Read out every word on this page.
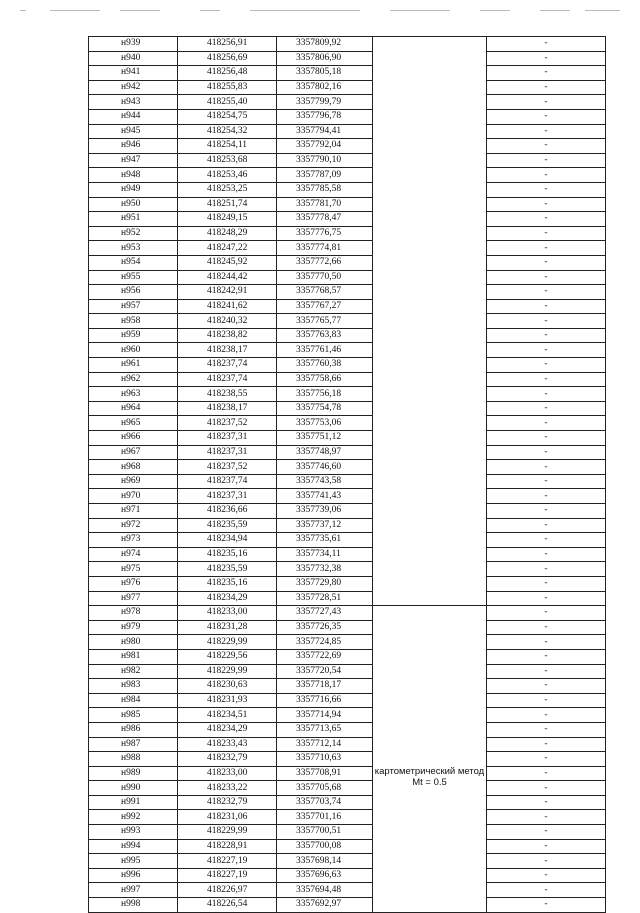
н939	418256,91	3357809,92		-
н940	418256,69	3357806,90		-
н941	418256,48	3357805,18		-
н942	418255,83	3357802,16		-
н943	418255,40	3357799,79		-
н944	418254,75	3357796,78		-
н945	418254,32	3357794,41		-
н946	418254,11	3357792,04		-
н947	418253,68	3357790,10		-
н948	418253,46	3357787,09		-
н949	418253,25	3357785,58		-
н950	418251,74	3357781,70		-
н951	418249,15	3357778,47		-
н952	418248,29	3357776,75		-
н953	418247,22	3357774,81		-
н954	418245,92	3357772,66		-
н955	418244,42	3357770,50		-
н956	418242,91	3357768,57		-
н957	418241,62	3357767,27		-
н958	418240,32	3357765,77		-
н959	418238,82	3357763,83		-
н960	418238,17	3357761,46		-
н961	418237,74	3357760,38		-
н962	418237,74	3357758,66		-
н963	418238,55	3357756,18		-
н964	418238,17	3357754,78		-
н965	418237,52	3357753,06		-
н966	418237,31	3357751,12		-
н967	418237,31	3357748,97		-
н968	418237,52	3357746,60		-
н969	418237,74	3357743,58		-
н970	418237,31	3357741,43		-
н971	418236,66	3357739,06		-
н972	418235,59	3357737,12		-
н973	418234,94	3357735,61		-
н974	418235,16	3357734,11		-
н975	418235,59	3357732,38		-
н976	418235,16	3357729,80		-
н977	418234,29	3357728,51		-
н978	418233,00	3357727,43	картометрический метод Mt = 0.5	-
н979	418231,28	3357726,35		-
н980	418229,99	3357724,85		-
н981	418229,56	3357722,69		-
н982	418229,99	3357720,54		-
н983	418230,63	3357718,17		-
н984	418231,93	3357716,66		-
н985	418234,51	3357714,94		-
н986	418234,29	3357713,65		-
н987	418233,43	3357712,14		-
н988	418232,79	3357710,63		-
н989	418233,00	3357708,91		-
н990	418233,22	3357705,68		-
н991	418232,79	3357703,74		-
н992	418231,06	3357701,16		-
н993	418229,99	3357700,51		-
н994	418228,91	3357700,08		-
н995	418227,19	3357698,14		-
н996	418227,19	3357696,63		-
н997	418226,97	3357694,48		-
н998	418226,54	3357692,97		-
